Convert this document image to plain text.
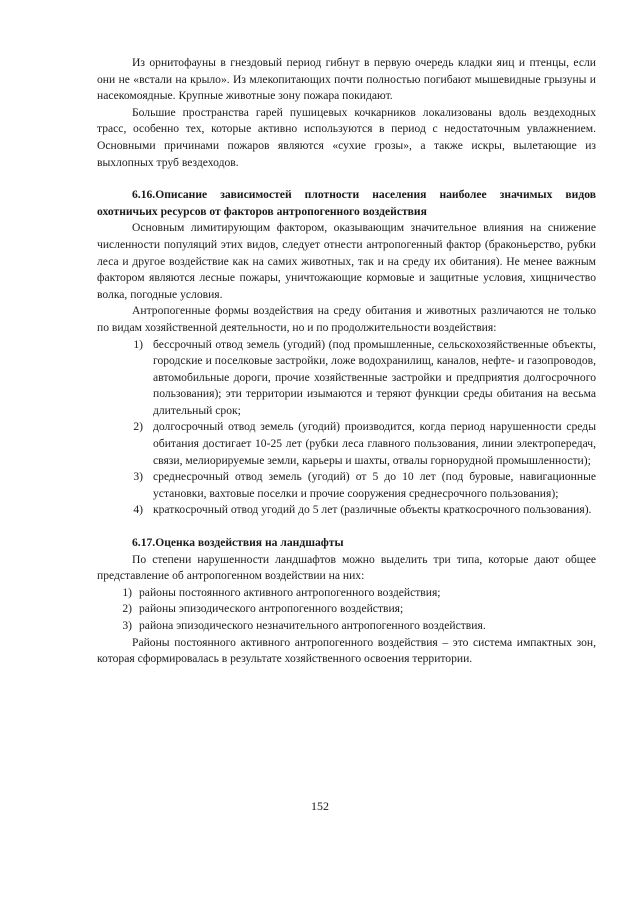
Из орнитофауны в гнездовый период гибнут в первую очередь кладки яиц и птенцы, если они не «встали на крыло». Из млекопитающих почти полностью погибают мышевидные грызуны и насекомоядные. Крупные животные зону пожара покидают.

Большие пространства гарей пушицевых кочкарников локализованы вдоль вездеходных трасс, особенно тех, которые активно используются в период с недостаточным увлажнением. Основными причинами пожаров являются «сухие грозы», а также искры, вылетающие из выхлопных труб вездеходов.

6.16.Описание зависимостей плотности населения наиболее значимых видов охотничьих ресурсов от факторов антропогенного воздействия

Основным лимитирующим фактором, оказывающим значительное влияния на снижение численности популяций этих видов, следует отнести антропогенный фактор (браконьерство, рубки леса и другое воздействие как на самих животных, так и на среду их обитания). Не менее важным фактором являются лесные пожары, уничтожающие кормовые и защитные условия, хищничество волка, погодные условия.

Антропогенные формы воздействия на среду обитания и животных различаются не только по видам хозяйственной деятельности, но и по продолжительности воздействия:

1) бессрочный отвод земель (угодий) (под промышленные, сельскохозяйственные объекты, городские и поселковые застройки, ложе водохранилищ, каналов, нефте- и газопроводов, автомобильные дороги, прочие хозяйственные застройки и предприятия долгосрочного пользования); эти территории изымаются и теряют функции среды обитания на весьма длительный срок;
2) долгосрочный отвод земель (угодий) производится, когда период нарушенности среды обитания достигает 10-25 лет (рубки леса главного пользования, линии электропередач, связи, мелиорируемые земли, карьеры и шахты, отвалы горнорудной промышленности);
3) среднесрочный отвод земель (угодий) от 5 до 10 лет (под буровые, навигационные установки, вахтовые поселки и прочие сооружения среднесрочного пользования);
4) краткосрочный отвод угодий до 5 лет (различные объекты краткосрочного пользования).
6.17.Оценка воздействия на ландшафты

По степени нарушенности ландшафтов можно выделить три типа, которые дают общее представление об антропогенном воздействии на них:

1) районы постоянного активного антропогенного воздействия;
2) районы эпизодического антропогенного воздействия;
3) района эпизодического незначительного антропогенного воздействия.

Районы постоянного активного антропогенного воздействия – это система импактных зон, которая сформировалась в результате хозяйственного освоения территории.

152
